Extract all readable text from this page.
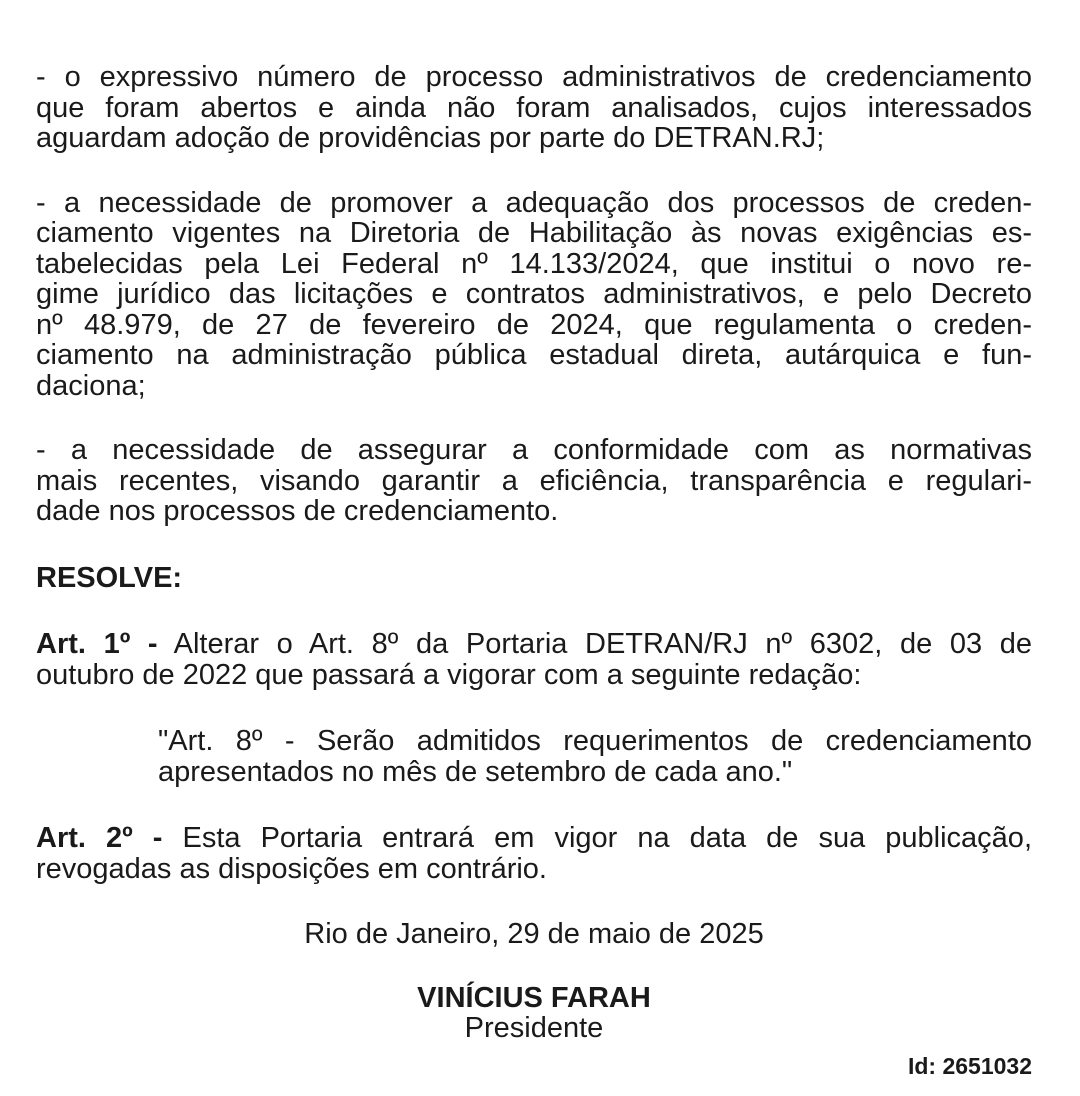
- o expressivo número de processo administrativos de credenciamento
que foram abertos e ainda não foram analisados, cujos interessados
aguardam adoção de providências por parte do DETRAN.RJ;

- a necessidade de promover a adequação dos processos de creden-
ciamento vigentes na Diretoria de Habilitação às novas exigências es-
tabelecidas pela Lei Federal nº 14.133/2024, que institui o novo re-
gime jurídico das licitações e contratos administrativos, e pelo Decreto
nº 48.979, de 27 de fevereiro de 2024, que regulamenta o creden-
ciamento na administração pública estadual direta, autárquica e fun-
daciona;

- a necessidade de assegurar a conformidade com as normativas
mais recentes, visando garantir a eficiência, transparência e regulari-
dade nos processos de credenciamento.

RESOLVE:

Art. 1º - Alterar o Art. 8º da Portaria DETRAN/RJ nº 6302, de 03 de
outubro de 2022 que passará a vigorar com a seguinte redação:

"Art. 8º - Serão admitidos requerimentos de credenciamento
apresentados no mês de setembro de cada ano."

Art. 2º - Esta Portaria entrará em vigor na data de sua publicação,
revogadas as disposições em contrário.

Rio de Janeiro, 29 de maio de 2025

VINÍCIUS FARAH

Presidente

Id: 2651032
